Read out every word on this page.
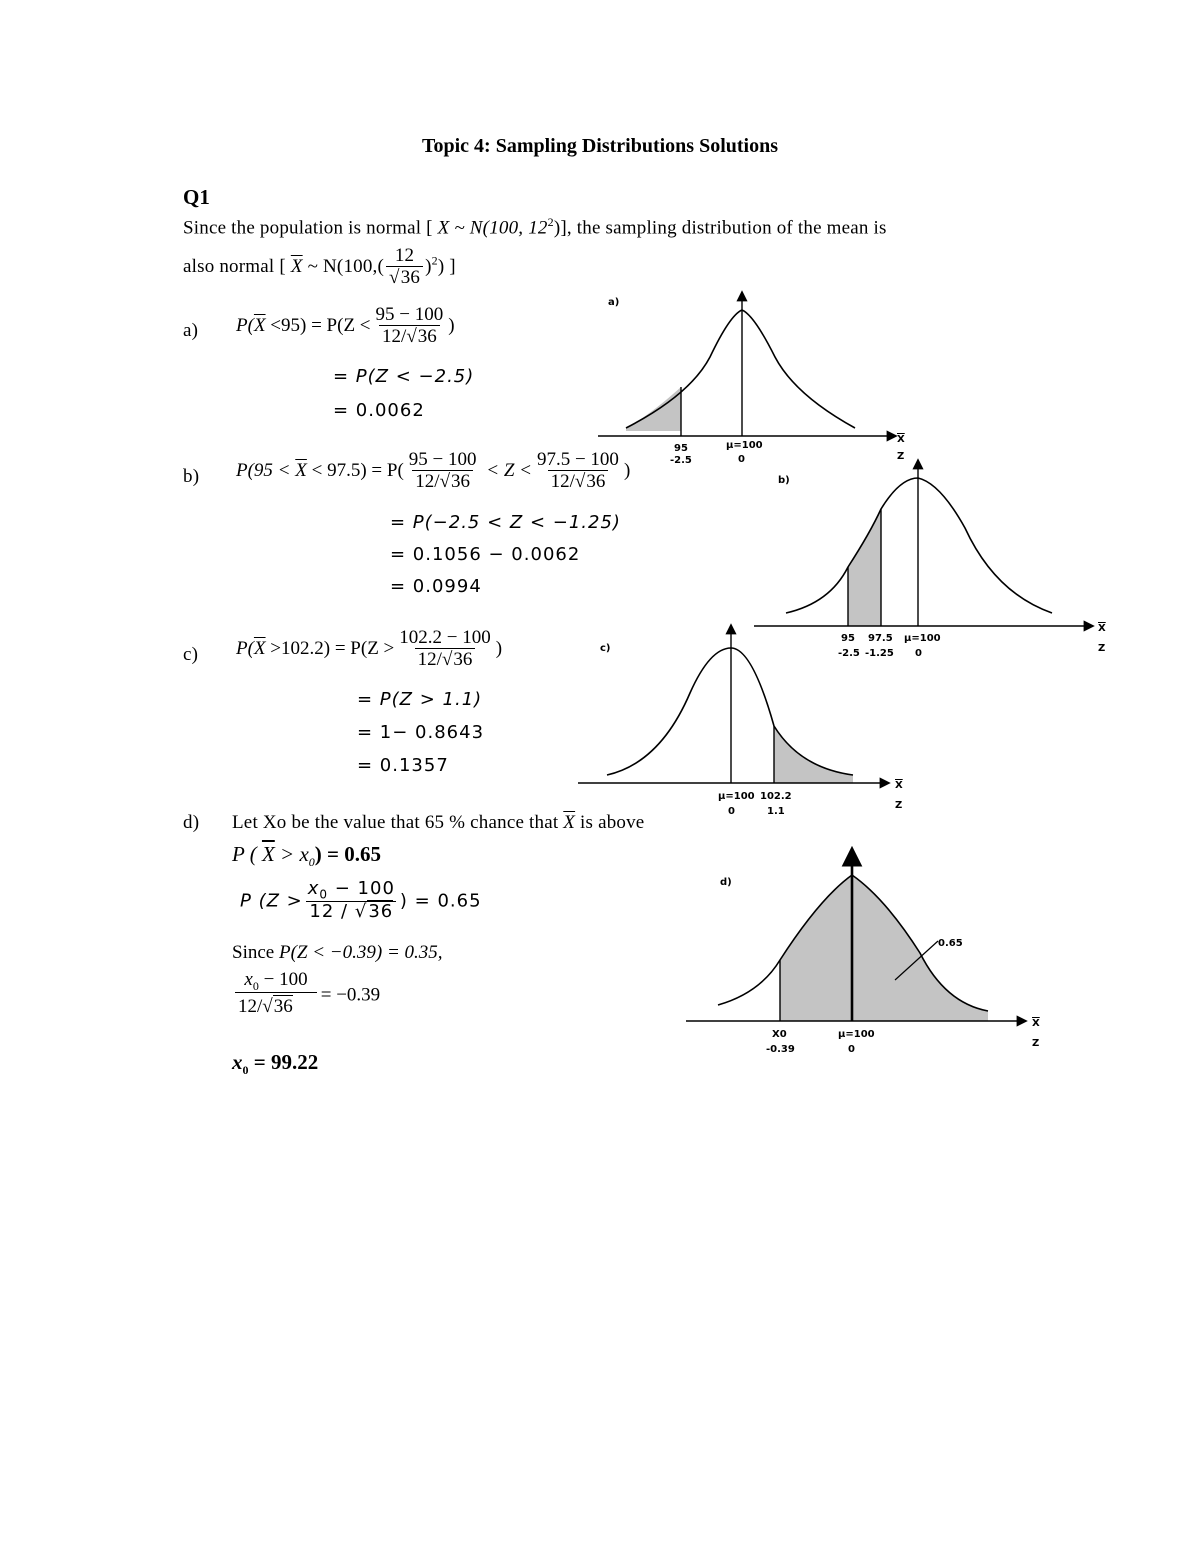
Topic 4: Sampling Distributions Solutions
Q1
Since the population is normal [ X ~ N(100, $12^2$)], the sampling distribution of the mean is
also normal [ $\overline{X}$ ~ $N(100,( \frac{12}{√36} )^2)$ ]
a) $P(\overline{X} <95) = P(Z < \frac{95 - 100}{12/√36}$ )
= P(Z < −2.5)
= 0.0062
b) $P(95 < \overline{X} < 97.5) = P( \frac{95 - 100}{12/√36} < Z < \frac{97.5 - 100}{12/√36}$ )
= P(−2.5 < Z < −1.25)
= 0.1056 − 0.0062
= 0.0994
c) $P(\overline{X} >102.2) = P(Z > \frac{102.2 - 100}{12/√36}$ )
= P(Z > 1.1)
= 1− 0.8643
= 0.1357
d) Let Xo be the value that 65 % chance that $\overline{X}$ is above
P ( $\overline{X} > x_0) = 0.65$
P ($Z > \frac{x_0 - 100}{12 / √36}$ ) = 0.65
Since P(Z < −0.39) = 0.35,
$\frac{x_0 - 100}{12/√36} = -0.39$
$x_0 = 99.22$
a)
95
-2.5
μ=100
0
X
Z
b)
95
-2.5
97.5
-1.25
μ=100
0
X
Z
c)
μ=100
0
102.2
1.1
X
Z
d)
0.65
X0
-0.39
μ=100
0
X
Z
